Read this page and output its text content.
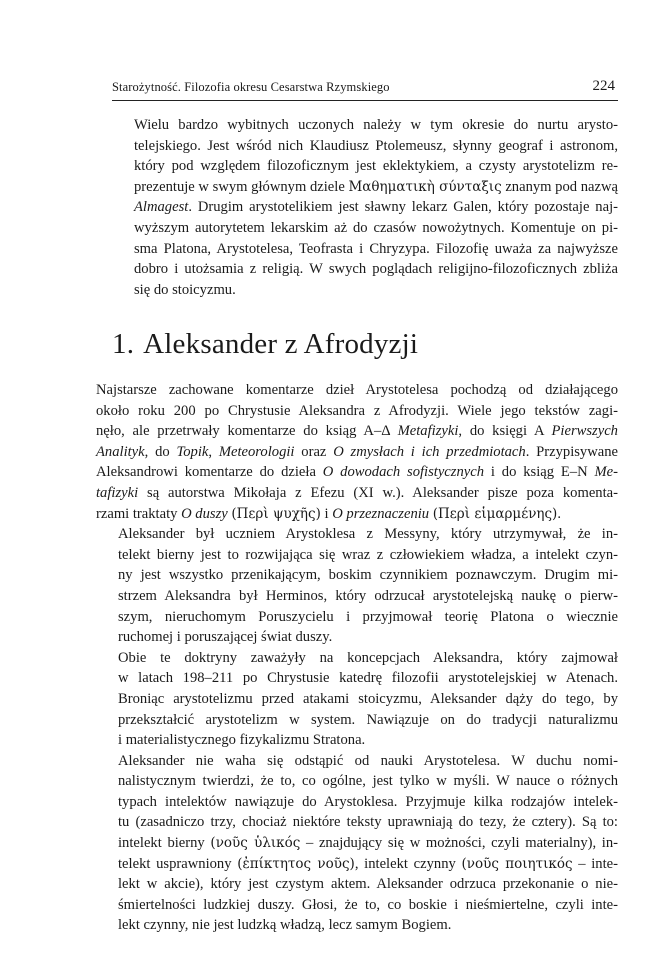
Starożytność. Filozofia okresu Cesarstwa Rzymskiego	224

Wielu bardzo wybitnych uczonych należy w tym okresie do nurtu arysto-
telejskiego. Jest wśród nich Klaudiusz Ptolemeusz, słynny geograf i astronom,
który pod względem filozoficznym jest eklektykiem, a czysty arystotelizm re-
prezentuje w swym głównym dziele Μαθηματικὴ σύνταξις znanym pod nazwą
Almagest. Drugim arystotelikiem jest sławny lekarz Galen, który pozostaje naj-
wyższym autorytetem lekarskim aż do czasów nowożytnych. Komentuje on pi-
sma Platona, Arystotelesa, Teofrasta i Chryzypa. Filozofię uważa za najwyższe
dobro i utożsamia z religią. W swych poglądach religijno-filozoficznych zbliża
się do stoicyzmu.

1. Aleksander z Afrodyzji

Najstarsze zachowane komentarze dzieł Arystotelesa pochodzą od działającego
około roku 200 po Chrystusie Aleksandra z Afrodyzji. Wiele jego tekstów zagi-
nęło, ale przetrwały komentarze do ksiąg A–Δ Metafizyki, do księgi A Pierwszych
Analityk, do Topik, Meteorologii oraz O zmysłach i ich przedmiotach. Przypisywane
Aleksandrowi komentarze do dzieła O dowodach sofistycznych i do ksiąg E–N Me-
tafizyki są autorstwa Mikołaja z Efezu (XI w.). Aleksander pisze poza komenta-
rzami traktaty O duszy (Περὶ ψυχῆς) i O przeznaczeniu (Περὶ εἱμαρμένης).

Aleksander był uczniem Arystoklesa z Messyny, który utrzymywał, że in-
telekt bierny jest to rozwijająca się wraz z człowiekiem władza, a intelekt czyn-
ny jest wszystko przenikającym, boskim czynnikiem poznawczym. Drugim mi-
strzem Aleksandra był Herminos, który odrzucał arystotelejską naukę o pierw-
szym, nieruchomym Poruszycielu i przyjmował teorię Platona o wiecznie
ruchomej i poruszającej świat duszy.

Obie te doktryny zaważyły na koncepcjach Aleksandra, który zajmował
w latach 198–211 po Chrystusie katedrę filozofii arystotelejskiej w Atenach.
Broniąc arystotelizmu przed atakami stoicyzmu, Aleksander dąży do tego, by
przekształcić arystotelizm w system. Nawiązuje on do tradycji naturalizmu
i materialistycznego fizykalizmu Stratona.

Aleksander nie waha się odstąpić od nauki Arystotelesa. W duchu nomi-
nalistycznym twierdzi, że to, co ogólne, jest tylko w myśli. W nauce o różnych
typach intelektów nawiązuje do Arystoklesa. Przyjmuje kilka rodzajów intelek-
tu (zasadniczo trzy, chociaż niektóre teksty uprawniają do tezy, że cztery). Są to:
intelekt bierny (νοῦς ὑλικός – znajdujący się w możności, czyli materialny), in-
telekt usprawniony (ἐπίκτητος νοῦς), intelekt czynny (νοῦς ποιητικός – inte-
lekt w akcie), który jest czystym aktem. Aleksander odrzuca przekonanie o nie-
śmiertelności ludzkiej duszy. Głosi, że to, co boskie i nieśmiertelne, czyli inte-
lekt czynny, nie jest ludzką władzą, lecz samym Bogiem.
